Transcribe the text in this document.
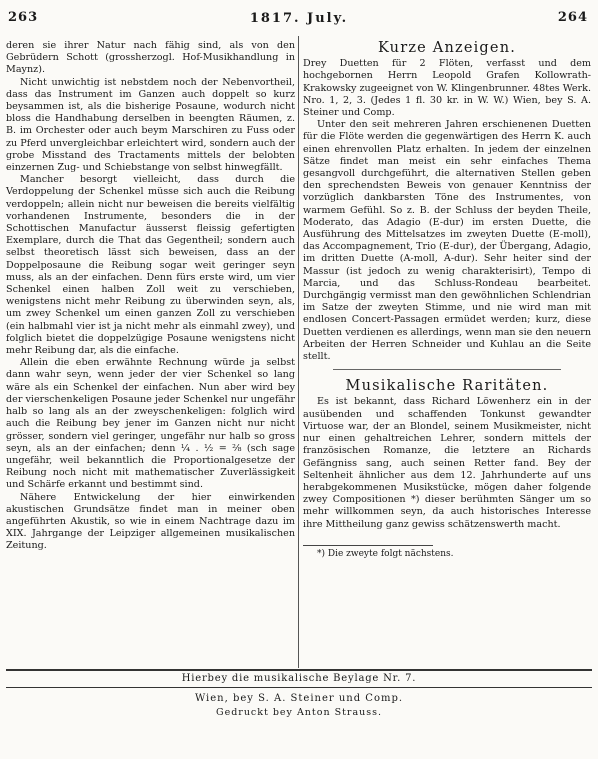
263	1817. July.	264

deren sie ihrer Natur nach fähig sind, als von den Gebrüdern Schott (grossherzogl. Hof-Musikhandlung in Maynz).

Nicht unwichtig ist nebstdem noch der Nebenvortheil, dass das Instrument im Ganzen auch doppelt so kurz beysammen ist, als die bisherige Posaune, wodurch nicht bloss die Handhabung derselben in beengten Räumen, z. B. im Orchester oder auch beym Marschiren zu Fuss oder zu Pferd unvergleichbar erleichtert wird, sondern auch der grobe Misstand des Tractaments mittels der belobten einzernen Zug- und Schiebstange von selbst hinwegfällt.

Mancher besorgt vielleicht, dass durch die Verdoppelung der Schenkel müsse sich auch die Reibung verdoppeln; allein nicht nur beweisen die bereits vielfältig vorhandenen Instrumente, besonders die in der Schottischen Manufactur äusserst fleissig gefertigten Exemplare, durch die That das Gegentheil; sondern auch selbst theoretisch lässt sich beweisen, dass an der Doppelposaune die Reibung sogar weit geringer seyn muss, als an der einfachen. Denn fürs erste wird, um vier Schenkel einen halben Zoll weit zu verschieben, wenigstens nicht mehr Reibung zu überwinden seyn, als, um zwey Schenkel um einen ganzen Zoll zu verschieben (ein halbmahl vier ist ja nicht mehr als einmahl zwey), und folglich bietet die doppelzügige Posaune wenigstens nicht mehr Reibung dar, als die einfache.

Allein die eben erwähnte Rechnung würde ja selbst dann wahr seyn, wenn jeder der vier Schenkel so lang wäre als ein Schenkel der einfachen. Nun aber wird bey der vierschenkeligen Posaune jeder Schenkel nur ungefähr halb so lang als an der zweyschenkeligen: folglich wird auch die Reibung bey jener im Ganzen nicht nur nicht grösser, sondern viel geringer, ungefähr nur halb so gross seyn, als an der einfachen; denn ¼ . ½ = ²⁄₈ (sch sage ungefähr, weil bekanntlich die Proportionalgesetze der Reibung noch nicht mit mathematischer Zuverlässigkeit und Schärfe erkannt und bestimmt sind.

Nähere Entwickelung der hier einwirkenden akustischen Grundsätze findet man in meiner oben angeführten Akustik, so wie in einem Nachtrage dazu im XIX. Jahrgange der Leipziger allgemeinen musikalischen Zeitung.

Kurze Anzeigen.

Drey Duetten für 2 Flöten, verfasst und dem hochgebornen Herrn Leopold Grafen Kollowrath-Krakowsky zugeeignet von W. Klingenbrunner. 48tes Werk. Nro. 1, 2, 3. (Jedes 1 fl. 30 kr. in W. W.) Wien, bey S. A. Steiner und Comp.

Unter den seit mehreren Jahren erschienenen Duetten für die Flöte werden die gegenwärtigen des Herrn K. auch einen ehrenvollen Platz erhalten. In jedem der einzelnen Sätze findet man meist ein sehr einfaches Thema gesangvoll durchgeführt, die alternativen Stellen geben den sprechendsten Beweis von genauer Kenntniss der vorzüglich dankbarsten Töne des Instrumentes, von warmem Gefühl. So z. B. der Schluss der beyden Theile, Moderato, das Adagio (E-dur) im ersten Duette, die Ausführung des Mittelsatzes im zweyten Duette (E-moll), das Accompagnement, Trio (E-dur), der Übergang, Adagio, im dritten Duette (A-moll, A-dur). Sehr heiter sind der Massur (ist jedoch zu wenig charakterisirt), Tempo di Marcia, und das Schluss-Rondeau bearbeitet. Durchgängig vermisst man den gewöhnlichen Schlendrian im Satze der zweyten Stimme, und nie wird man mit endlosen Concert-Passagen ermüdet werden; kurz, diese Duetten verdienen es allerdings, wenn man sie den neuern Arbeiten der Herren Schneider und Kuhlau an die Seite stellt.

Musikalische Raritäten.

Es ist bekannt, dass Richard Löwenherz ein in der ausübenden und schaffenden Tonkunst gewandter Virtuose war, der an Blondel, seinem Musikmeister, nicht nur einen gehaltreichen Lehrer, sondern mittels der französischen Romanze, die letztere an Richards Gefängniss sang, auch seinen Retter fand. Bey der Seltenheit ähnlicher aus dem 12. Jahrhunderte auf uns herabgekommenen Musikstücke, mögen daher folgende zwey Compositionen *) dieser berühmten Sänger um so mehr willkommen seyn, da auch historisches Interesse ihre Mittheilung ganz gewiss schätzenswerth macht.

*) Die zweyte folgt nächstens.

Hierbey die musikalische Beylage Nr. 7.
Wien, bey S. A. Steiner und Comp.
Gedruckt bey Anton Strauss.
